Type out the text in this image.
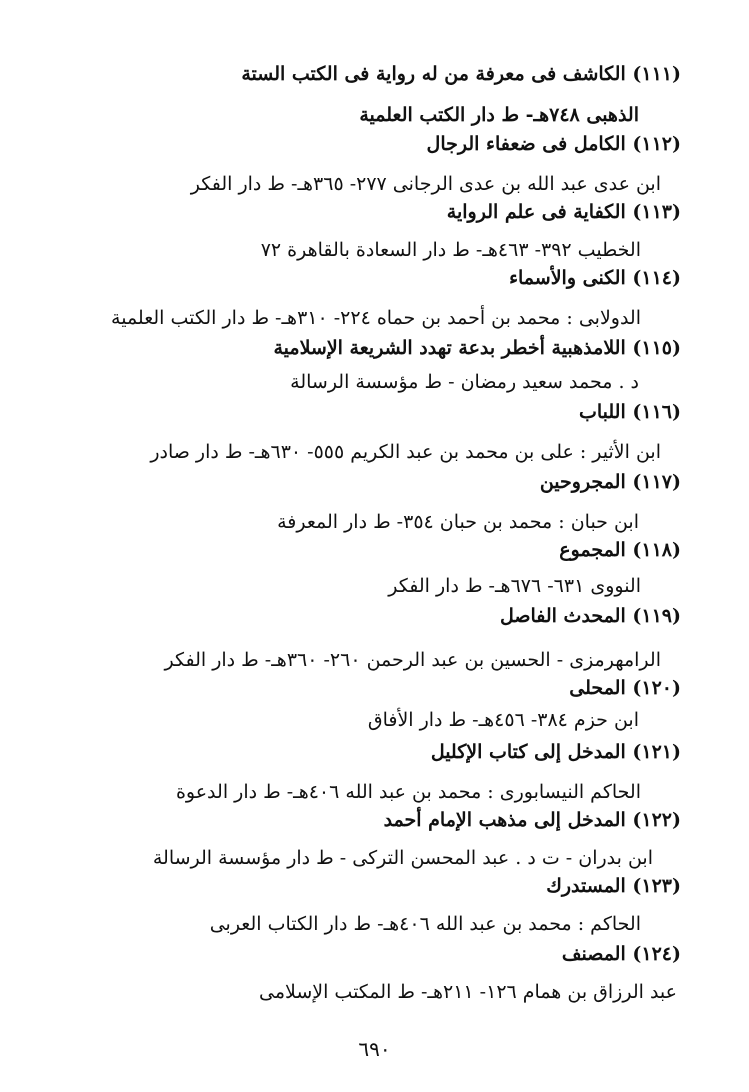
(١١١) الكاشف فى معرفة من له رواية فى الكتب الستة
الذهبى ٧٤٨هـ- ط دار الكتب العلمية
(١١٢) الكامل فى ضعفاء الرجال
ابن عدى عبد الله بن عدى الرجانى ٢٧٧- ٣٦٥هـ- ط دار الفكر
(١١٣) الكفاية فى علم الرواية
الخطيب ٣٩٢- ٤٦٣هـ- ط دار السعادة بالقاهرة ٧٢
(١١٤) الكنى والأسماء
الدولابى : محمد بن أحمد بن حماه ٢٢٤- ٣١٠هـ- ط دار الكتب العلمية
(١١٥) اللامذهبية أخطر بدعة تهدد الشريعة الإسلامية
د . محمد سعيد رمضان - ط مؤسسة الرسالة
(١١٦) اللباب
ابن الأثير : على بن محمد بن عبد الكريم ٥٥٥- ٦٣٠هـ- ط دار صادر
(١١٧) المجروحين
ابن حبان : محمد بن حبان ٣٥٤- ط دار المعرفة
(١١٨) المجموع
النووى ٦٣١- ٦٧٦هـ- ط دار الفكر
(١١٩) المحدث الفاصل
الرامهرمزى - الحسين بن عبد الرحمن ٢٦٠- ٣٦٠هـ- ط دار الفكر
(١٢٠) المحلى
ابن حزم ٣٨٤- ٤٥٦هـ- ط دار الأفاق
(١٢١) المدخل إلى كتاب الإكليل
الحاكم النيسابورى : محمد بن عبد الله ٤٠٦هـ- ط دار الدعوة
(١٢٢) المدخل إلى مذهب الإمام أحمد
ابن بدران - ت د . عبد المحسن التركى - ط دار مؤسسة الرسالة
(١٢٣) المستدرك
الحاكم : محمد بن عبد الله ٤٠٦هـ- ط دار الكتاب العربى
(١٢٤) المصنف
عبد الرزاق بن همام ١٢٦- ٢١١هـ- ط المكتب الإسلامى
٦٩٠
